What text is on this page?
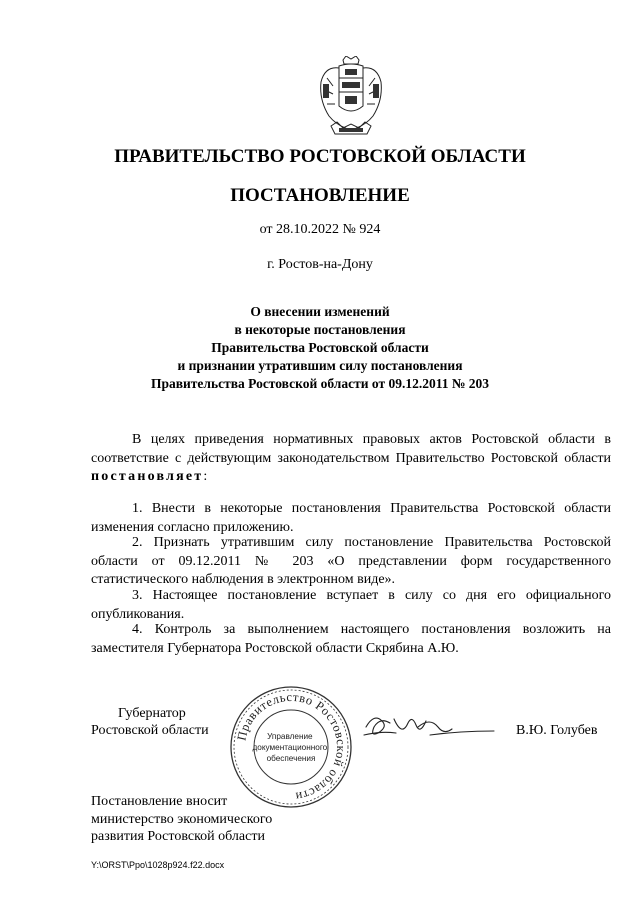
ПРАВИТЕЛЬСТВО РОСТОВСКОЙ ОБЛАСТИ
ПОСТАНОВЛЕНИЕ
от 28.10.2022 № 924
г. Ростов-на-Дону
О внесении изменений
в некоторые постановления
Правительства Ростовской области
и признании утратившим силу постановления
Правительства Ростовской области от 09.12.2011 № 203

В целях приведения нормативных правовых актов Ростовской области в соответствие с действующим законодательством Правительство Ростовской области постановляет:

1. Внести в некоторые постановления Правительства Ростовской области изменения согласно приложению.

2. Признать утратившим силу постановление Правительства Ростовской области от 09.12.2011 № 203 «О представлении форм государственного статистического наблюдения в электронном виде».

3. Настоящее постановление вступает в силу со дня его официального опубликования.

4. Контроль за выполнением настоящего постановления возложить на заместителя Губернатора Ростовской области Скрябина А.Ю.

Губернатор
Ростовской области Правительство Ростовской области
Управление документационного обеспечения
В.Ю. Голубев
Постановление вносит
министерство экономического
развития Ростовской области
Y:\ORST\Ppo\1028p924.f22.docx
